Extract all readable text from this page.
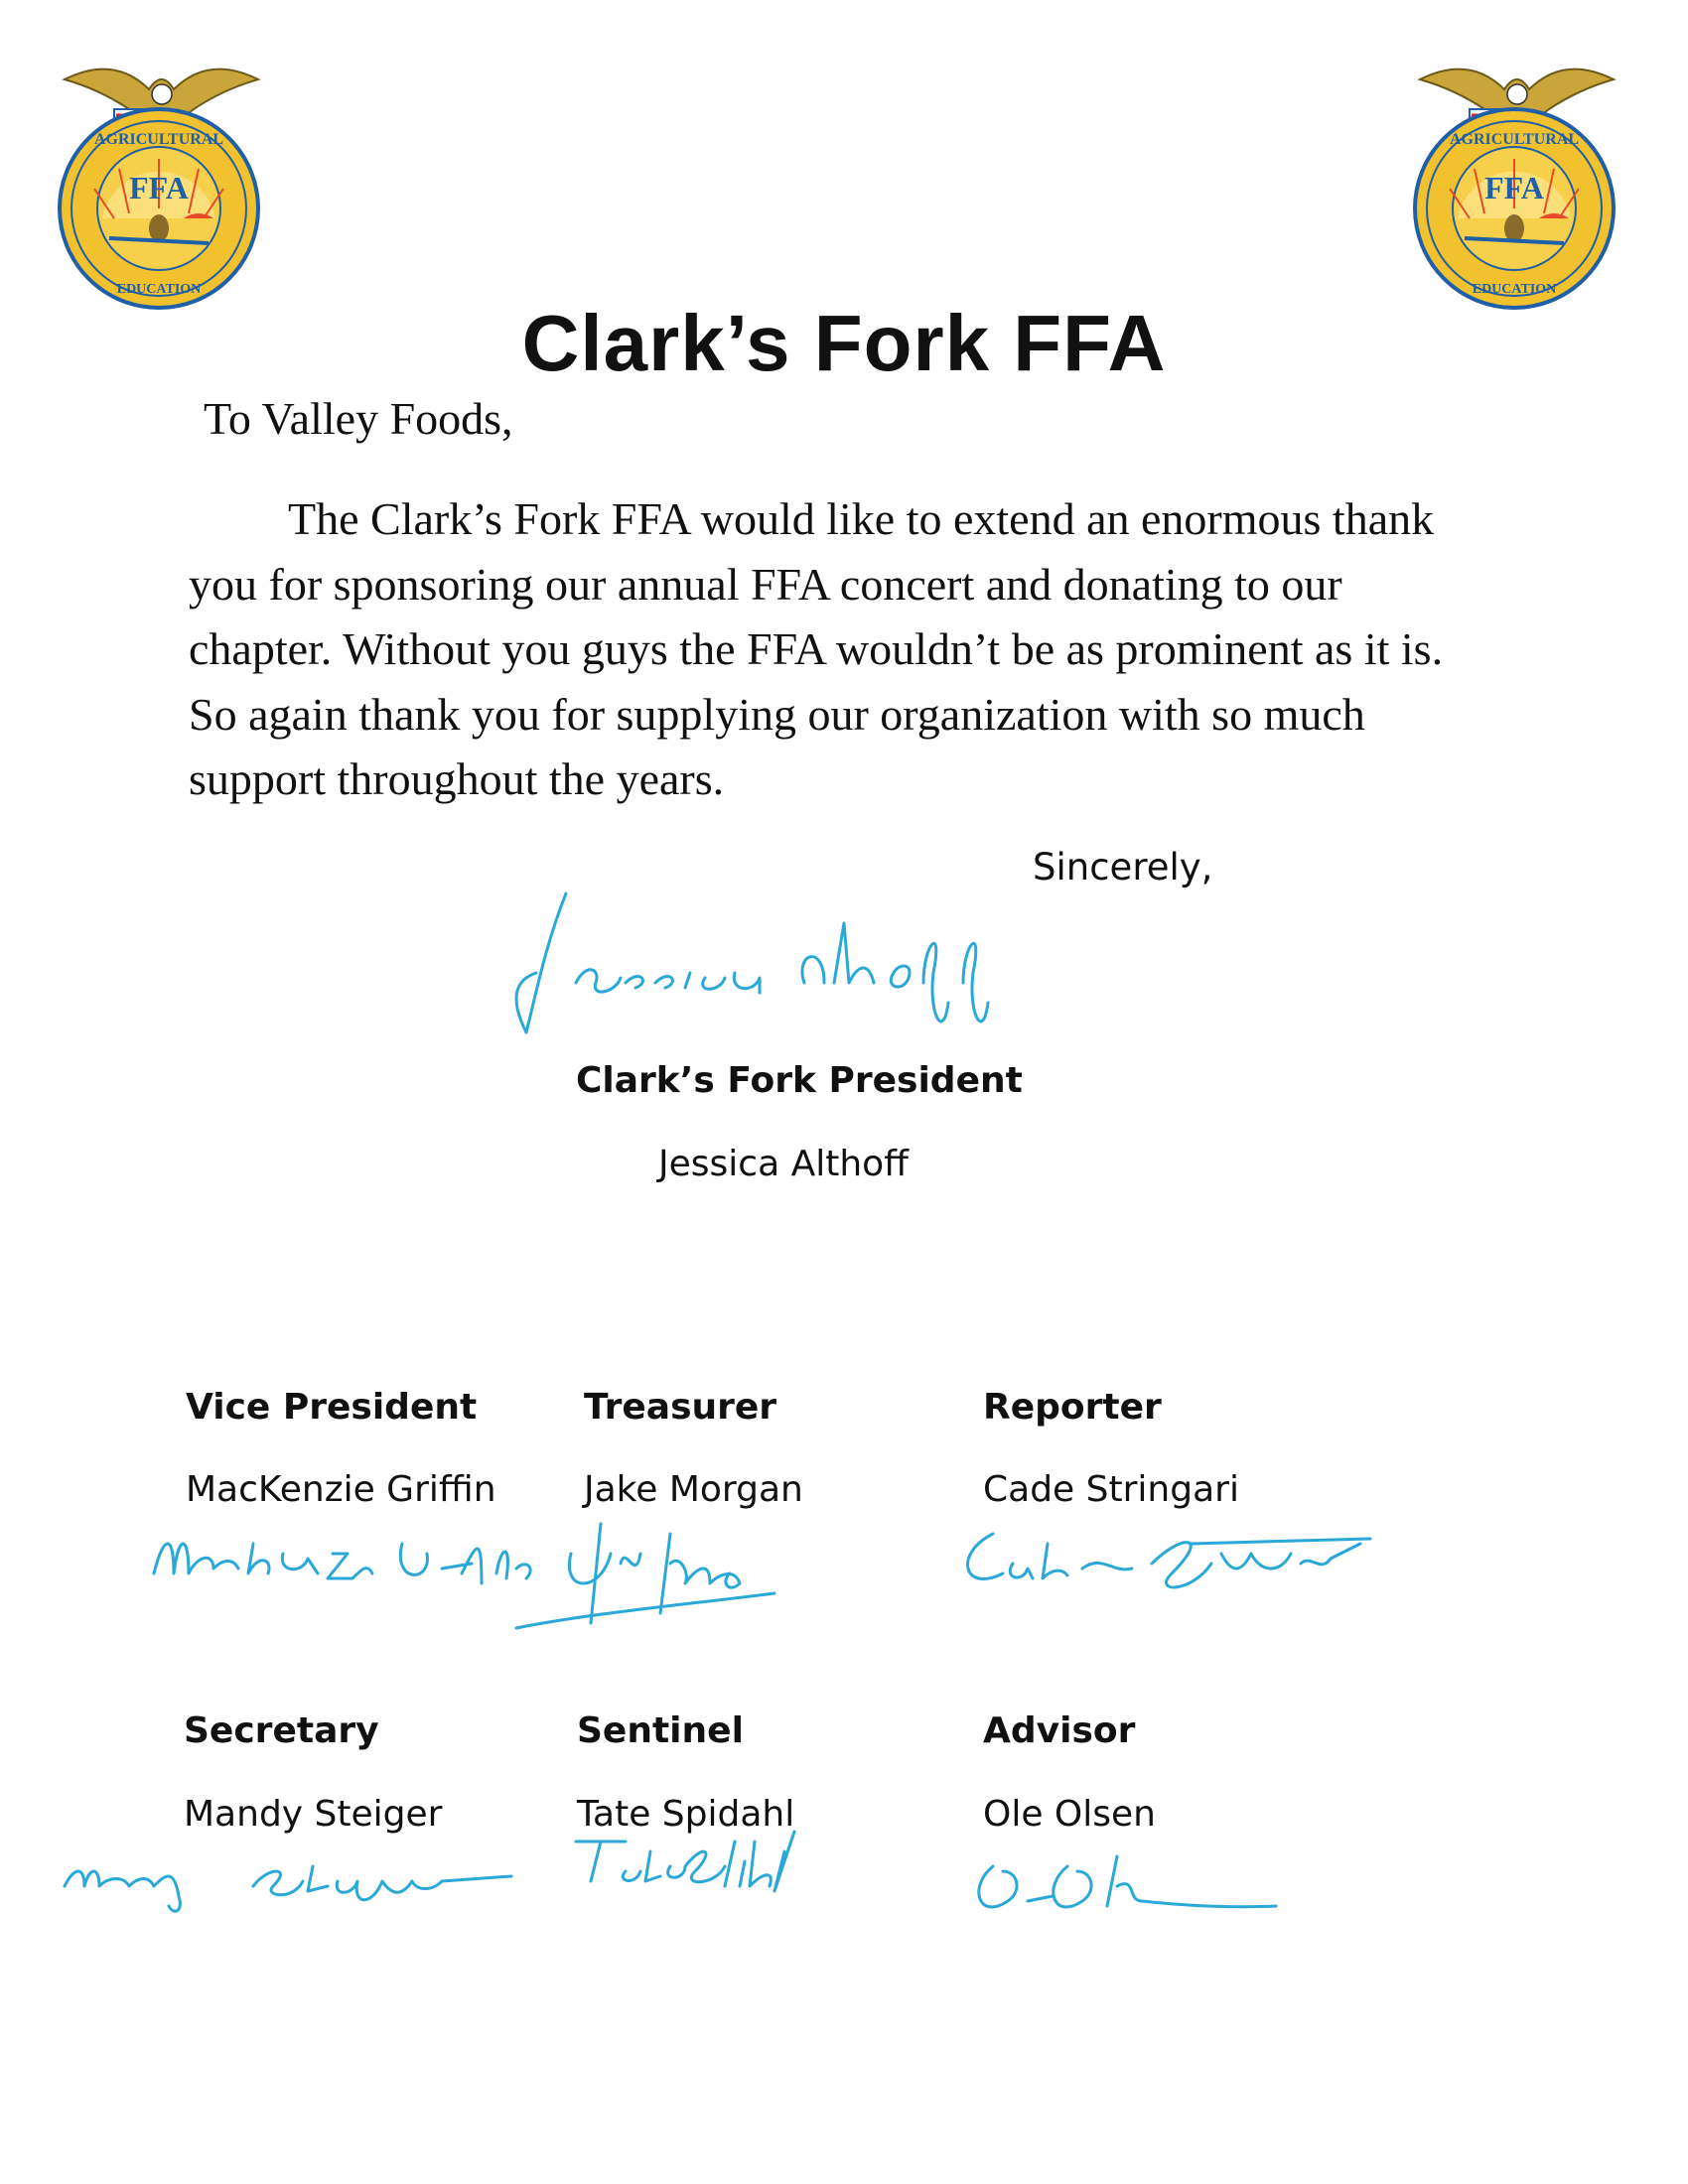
AGRICULTURAL
FFA
EDUCATION
AGRICULTURAL
FFA
EDUCATION
Clark’s Fork FFA
To Valley Foods,
The Clark’s Fork FFA would like to extend an enormous thank you for sponsoring our annual FFA concert and donating to our chapter. Without you guys the FFA wouldn’t be as prominent as it is. So again thank you for supplying our organization with so much support throughout the years.
Sincerely,
Clark’s Fork President
Jessica Althoff
Vice President
MacKenzie Griffin
Treasurer
Jake Morgan
Reporter
Cade Stringari
Secretary
Mandy Steiger
Sentinel
Tate Spidahl
Advisor
Ole Olsen
